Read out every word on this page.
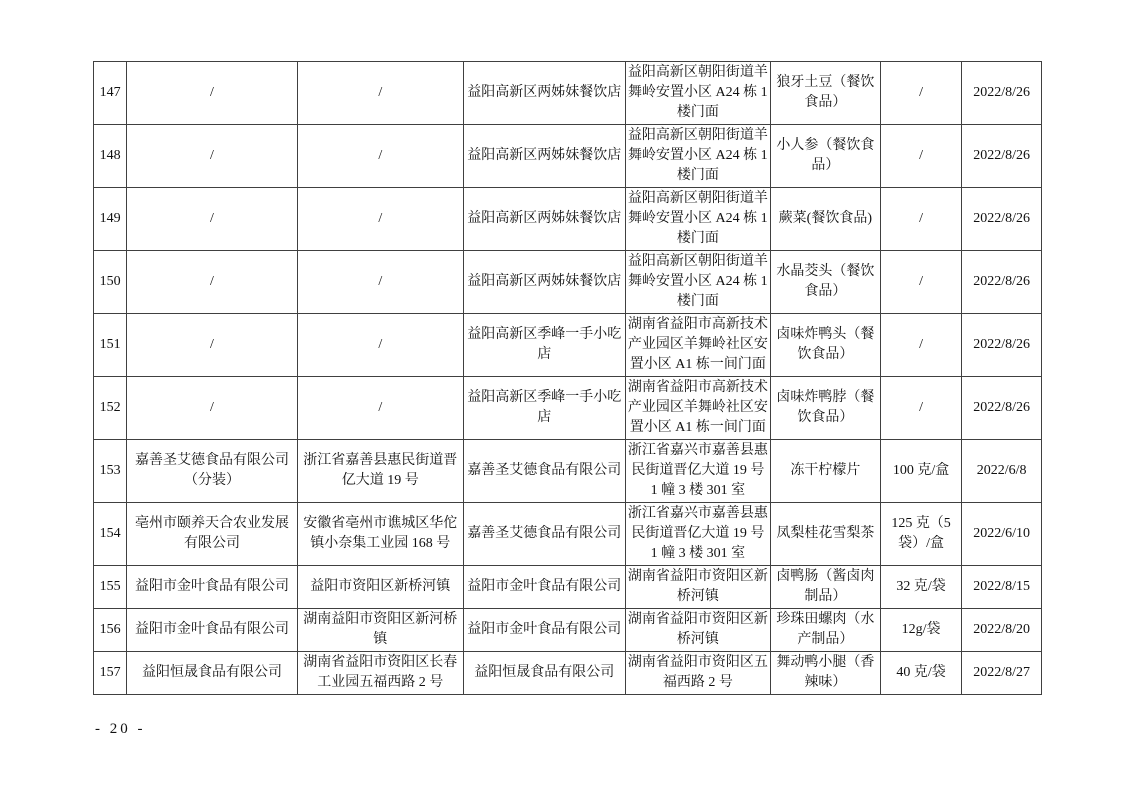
147	/	/	益阳高新区两姊妹餐饮店	益阳高新区朝阳街道羊舞岭安置小区 A24 栋 1 楼门面	狼牙土豆（餐饮食品）	/	2022/8/26
148	/	/	益阳高新区两姊妹餐饮店	益阳高新区朝阳街道羊舞岭安置小区 A24 栋 1 楼门面	小人参（餐饮食品）	/	2022/8/26
149	/	/	益阳高新区两姊妹餐饮店	益阳高新区朝阳街道羊舞岭安置小区 A24 栋 1 楼门面	蕨菜(餐饮食品)	/	2022/8/26
150	/	/	益阳高新区两姊妹餐饮店	益阳高新区朝阳街道羊舞岭安置小区 A24 栋 1 楼门面	水晶茭头（餐饮食品）	/	2022/8/26
151	/	/	益阳高新区季峰一手小吃店	湖南省益阳市高新技术产业园区羊舞岭社区安置小区 A1 栋一间门面	卤味炸鸭头（餐饮食品）	/	2022/8/26
152	/	/	益阳高新区季峰一手小吃店	湖南省益阳市高新技术产业园区羊舞岭社区安置小区 A1 栋一间门面	卤味炸鸭脖（餐饮食品）	/	2022/8/26
153	嘉善圣艾德食品有限公司（分装）	浙江省嘉善县惠民街道晋亿大道 19 号	嘉善圣艾德食品有限公司	浙江省嘉兴市嘉善县惠民街道晋亿大道 19 号 1 幢 3 楼 301 室	冻干柠檬片	100 克/盒	2022/6/8
154	亳州市颐养天合农业发展有限公司	安徽省亳州市谯城区华佗镇小奈集工业园 168 号	嘉善圣艾德食品有限公司	浙江省嘉兴市嘉善县惠民街道晋亿大道 19 号 1 幢 3 楼 301 室	凤梨桂花雪梨茶	125 克（5 袋）/盒	2022/6/10
155	益阳市金叶食品有限公司	益阳市资阳区新桥河镇	益阳市金叶食品有限公司	湖南省益阳市资阳区新桥河镇	卤鸭肠（酱卤肉制品）	32 克/袋	2022/8/15
156	益阳市金叶食品有限公司	湖南益阳市资阳区新河桥镇	益阳市金叶食品有限公司	湖南省益阳市资阳区新桥河镇	珍珠田螺肉（水产制品）	12g/袋	2022/8/20
157	益阳恒晟食品有限公司	湖南省益阳市资阳区长春工业园五福西路 2 号	益阳恒晟食品有限公司	湖南省益阳市资阳区五福西路 2 号	舞动鸭小腿（香辣味）	40 克/袋	2022/8/27
- 20 -
